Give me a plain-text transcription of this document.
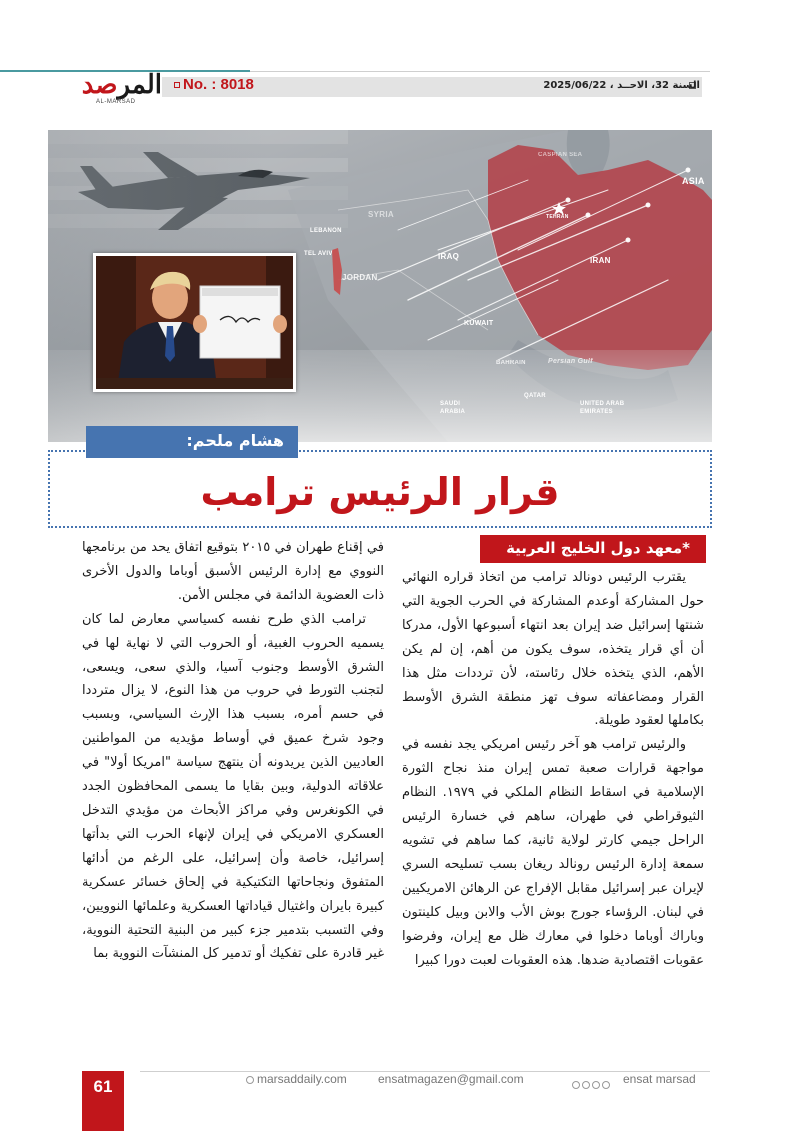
No. : 8018	السنة 32، الاحــد ، 2025/06/22
المرصد
AL-MARSAD
SYRIA
LEBANON
TEL AVIV
JORDAN
IRAQ	IRAN
TEHRAN
CASPIAN SEA
ASIA
KUWAIT
BAHRAIN	Persian Gulf
QATAR
SAUDI ARABIA
UNITED ARAB EMIRATES
هشام ملحم:
قرار الرئيس ترامب
*معهد دول الخليج العربية

يقترب الرئيس دونالد ترامب من اتخاذ قراره النهائي حول المشاركة أوعدم المشاركة في الحرب الجوية التي شنتها إسرائيل ضد إيران بعد انتهاء أسبوعها الأول، مدركا أن أي قرار يتخذه، سوف يكون من أهم، إن لم يكن الأهم، الذي يتخذه خلال رئاسته، لأن ترددات مثل هذا القرار ومضاعفاته سوف تهز منطقة الشرق الأوسط بكاملها لعقود طويلة.

والرئيس ترامب هو آخر رئيس امريكي يجد نفسه في مواجهة قرارات صعبة تمس إيران منذ نجاح الثورة الإسلامية في اسقاط النظام الملكي في ١٩٧٩. النظام الثيوقراطي في طهران، ساهم في خسارة الرئيس الراحل جيمي كارتر لولاية ثانية، كما ساهم في تشويه سمعة إدارة الرئيس رونالد ريغان بسب تسليحه السري لإيران عبر إسرائيل مقابل الإفراج عن الرهائن الامريكيين في لبنان. الرؤساء جورج بوش الأب والابن وبيل كلينتون وباراك أوباما دخلوا في معارك ظل مع إيران، وفرضوا عقوبات اقتصادية ضدها. هذه العقوبات لعبت دورا كبيرا

في إقناع طهران في ٢٠١٥ بتوقيع اتفاق يحد من برنامجها النووي مع إدارة الرئيس الأسبق أوباما والدول الأخرى ذات العضوية الدائمة في مجلس الأمن.

ترامب الذي طرح نفسه كسياسي معارض لما كان يسميه الحروب الغبية، أو الحروب التي لا نهاية لها في الشرق الأوسط وجنوب آسيا، والذي سعى، ويسعى، لتجنب التورط في حروب من هذا النوع، لا يزال مترددا في حسم أمره، بسبب هذا الإرث السياسي، وبسبب وجود شرخ عميق في أوساط مؤيديه من المواطنين العاديين الذين يريدونه أن ينتهج سياسة "امريكا أولا" في علاقاته الدولية، وبين بقايا ما يسمى المحافظون الجدد في الكونغرس وفي مراكز الأبحاث من مؤيدي التدخل العسكري الامريكي في إيران لإنهاء الحرب التي بدأتها إسرائيل، خاصة وأن إسرائيل، على الرغم من أدائها المتفوق ونجاحاتها التكتيكية في إلحاق خسائر عسكرية كبيرة بايران واغتيال قياداتها العسكرية وعلمائها النوويين، وفي التسبب بتدمير جزء كبير من البنية التحتية النووية، غير قادرة على تفكيك أو تدمير كل المنشآت النووية بما

61	marsaddaily.com	ensatmagazen@gmail.com	ensat marsad
